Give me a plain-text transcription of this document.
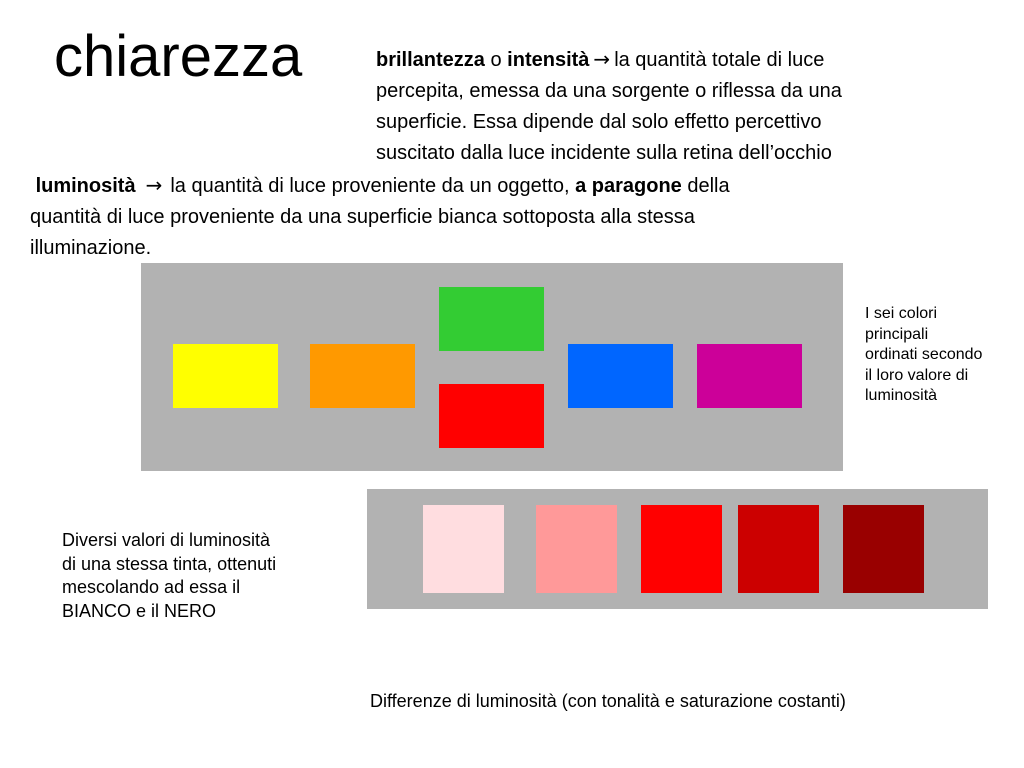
chiarezza	brillantezza o intensità → la quantità totale di luce
percepita, emessa da una sorgente o riflessa da una
superficie. Essa dipende dal solo effetto percettivo
suscitato dalla luce incidente sulla retina dell’occhio
luminosità → la quantità di luce proveniente da un oggetto, a paragone della
quantità di luce proveniente da una superficie bianca sottoposta alla stessa
illuminazione.
I sei colori
principali
ordinati secondo
il loro valore di
luminosità
Diversi valori di luminosità
di una stessa tinta, ottenuti
mescolando ad essa il
BIANCO e il NERO
Differenze di luminosità (con tonalità e saturazione costanti)
